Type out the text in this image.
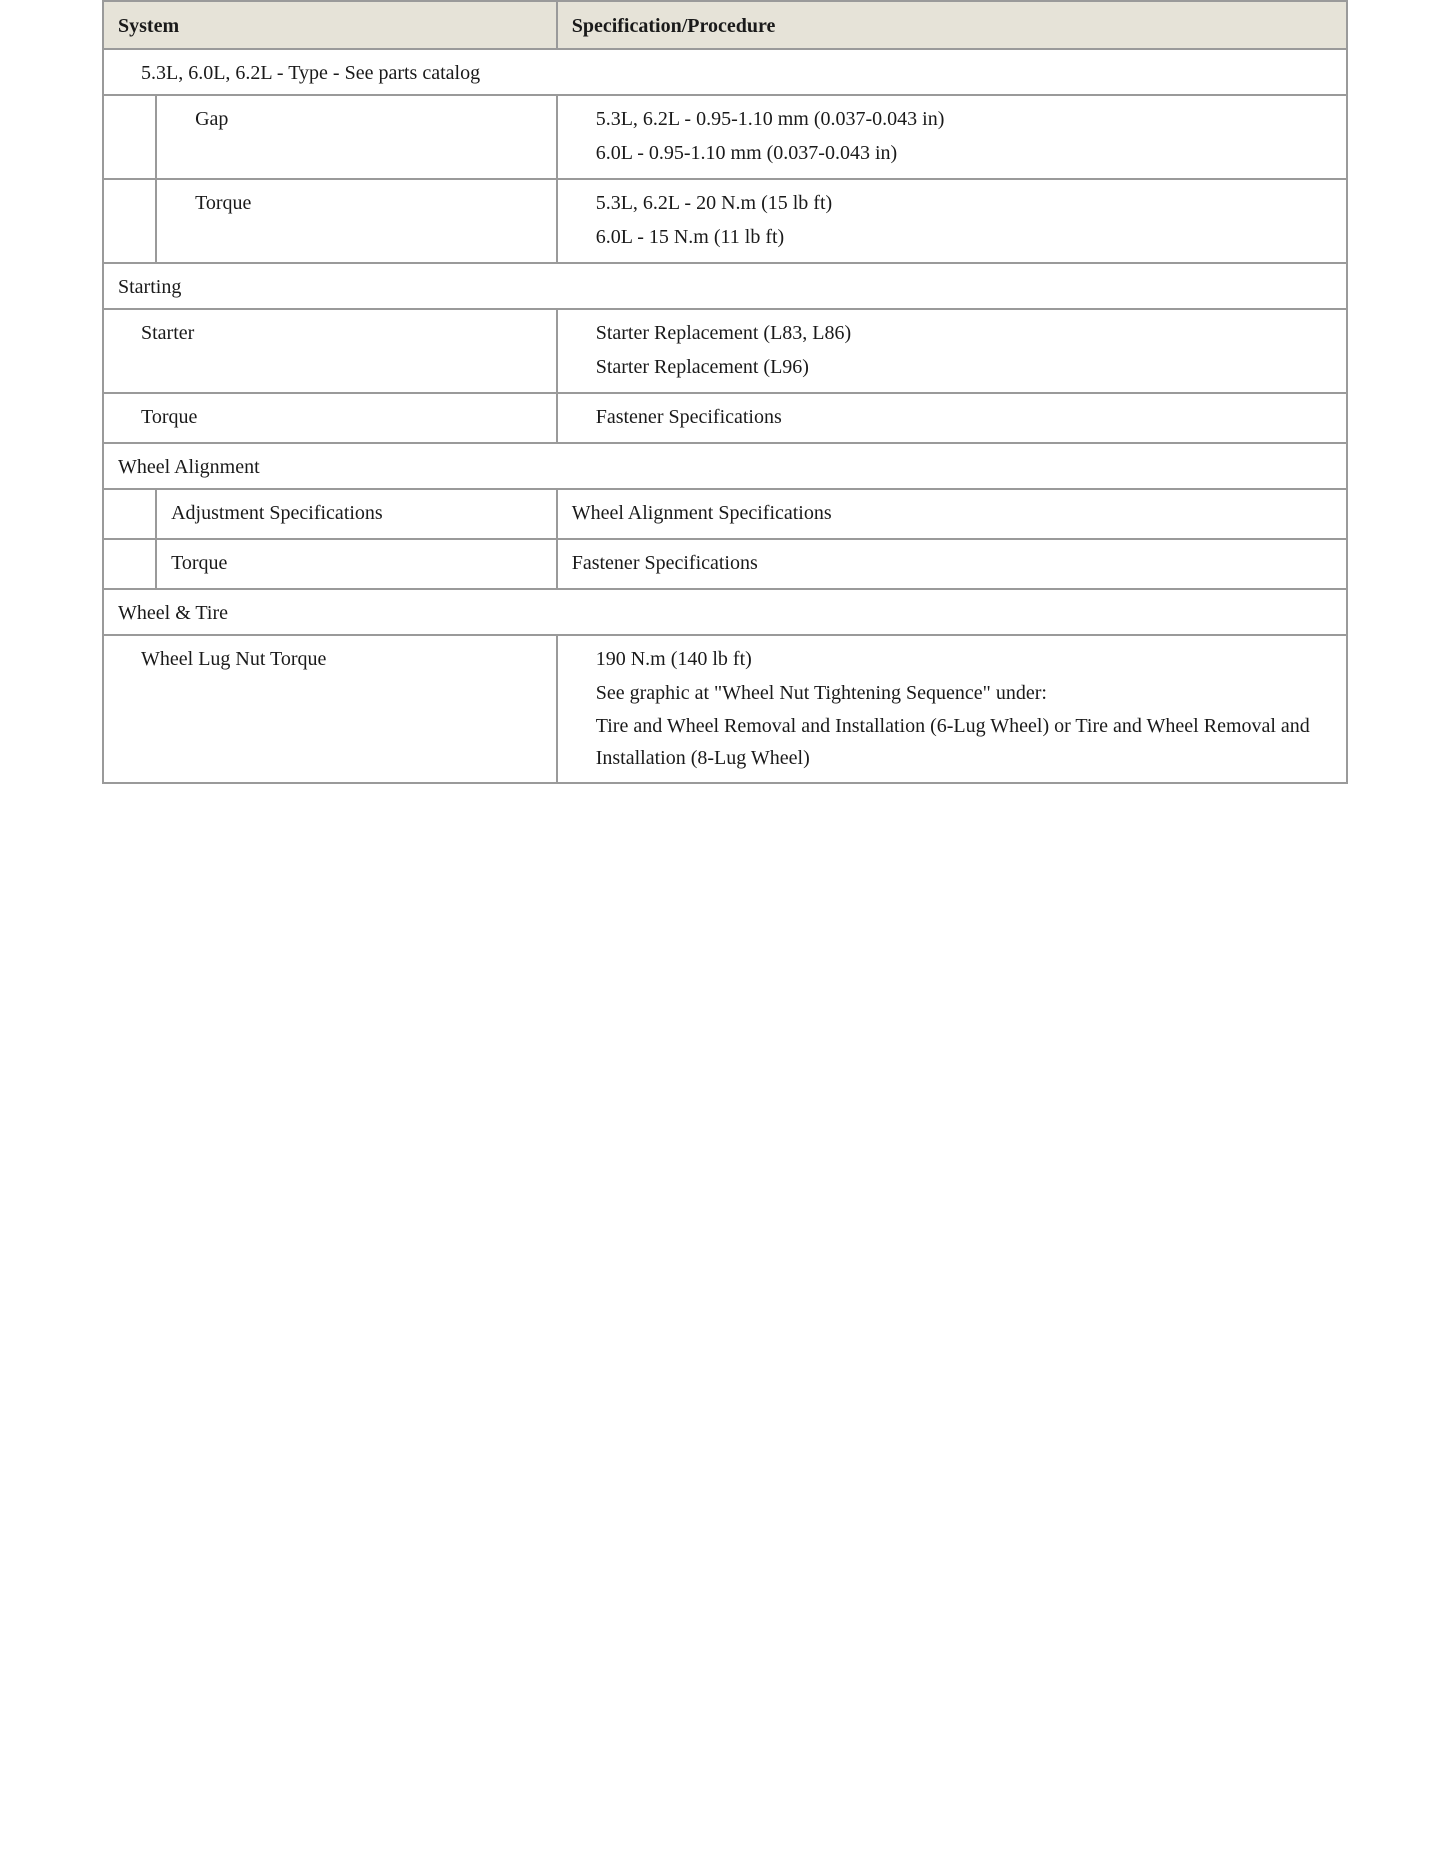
System		Specification/Procedure
5.3L, 6.0L, 6.2L - Type - See parts catalog		
	Gap	5.3L, 6.2L - 0.95-1.10 mm (0.037-0.043 in)
6.0L - 0.95-1.10 mm (0.037-0.043 in)

	Torque	5.3L, 6.2L - 20 N.m (15 lb ft)
6.0L - 15 N.m (11 lb ft)

Starting		
Starter		Starter Replacement (L83, L86)
Starter Replacement (L96)

Torque		Fastener Specifications
Wheel Alignment		
	Adjustment Specifications	Wheel Alignment Specifications
	Torque	Fastener Specifications
Wheel & Tire		
Wheel Lug Nut Torque		190 N.m (140 lb ft)
See graphic at "Wheel Nut Tightening Sequence" under:
Tire and Wheel Removal and Installation (6-Lug Wheel) or Tire and Wheel Removal and Installation (8-Lug Wheel)
